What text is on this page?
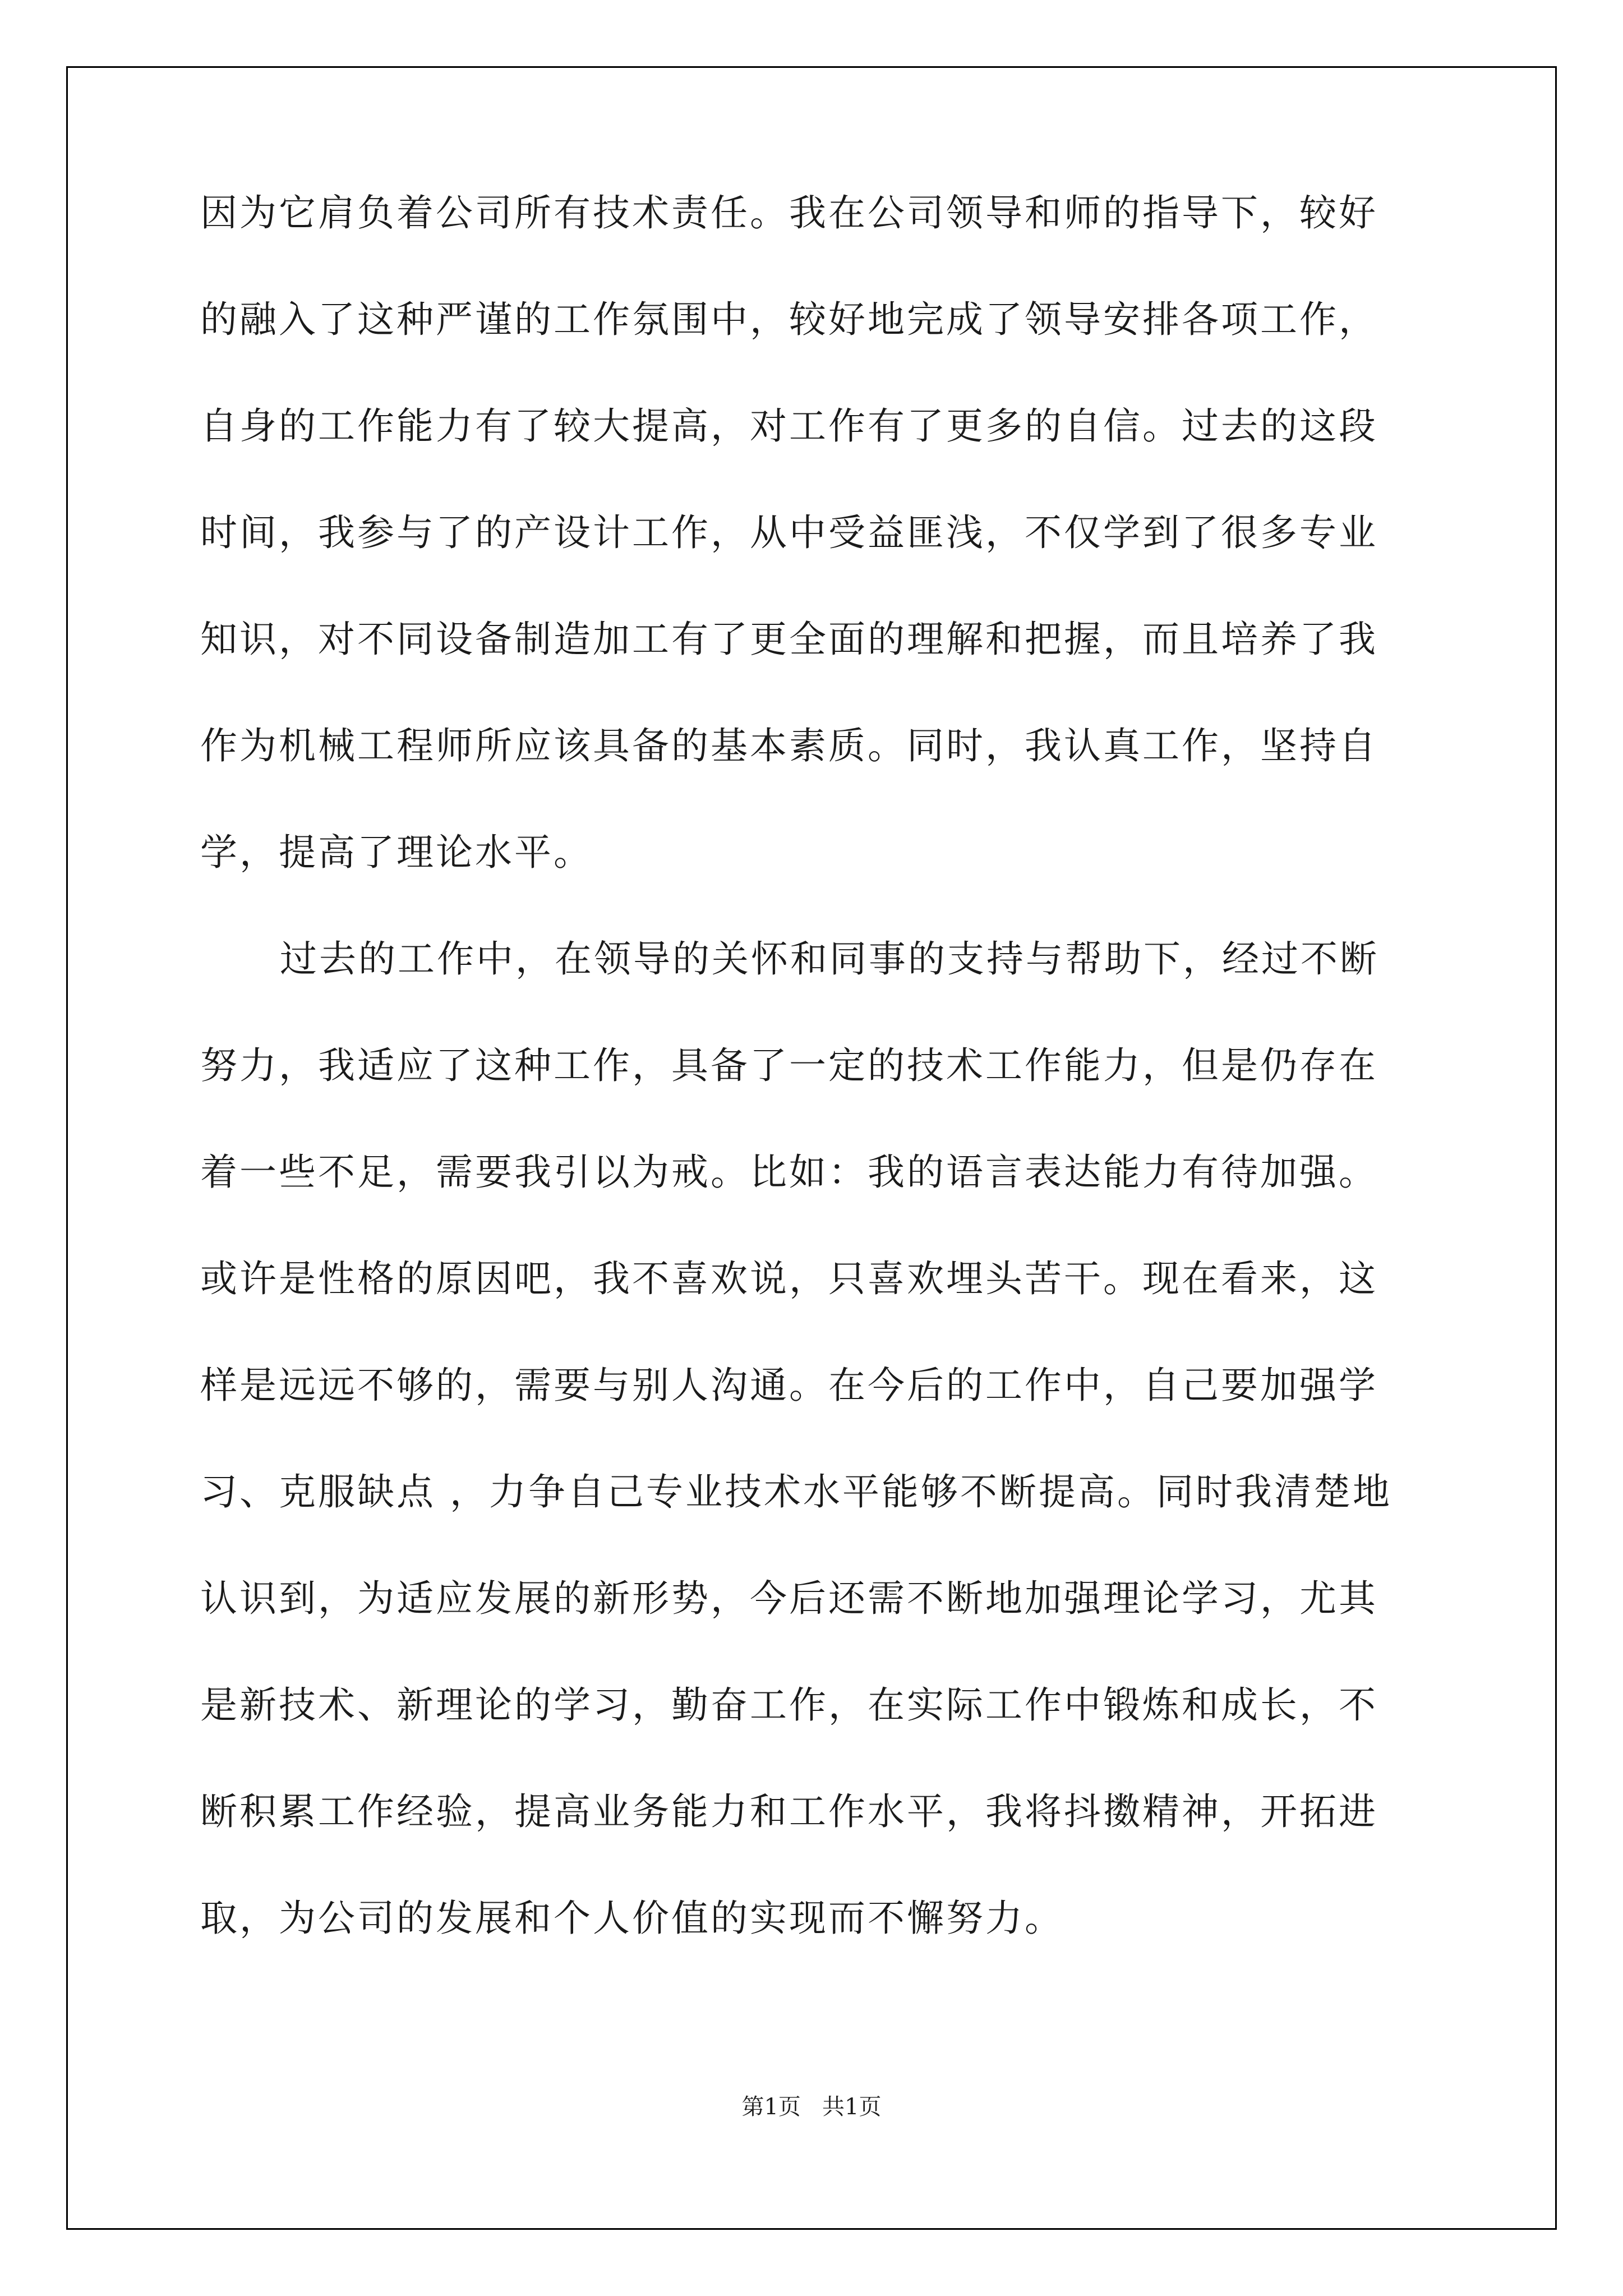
因为它肩负着公司所有技术责任。我在公司领导和师的指导下，较好
的融入了这种严谨的工作氛围中，较好地完成了领导安排各项工作，
自身的工作能力有了较大提高，对工作有了更多的自信。过去的这段
时间，我参与了的产设计工作，从中受益匪浅，不仅学到了很多专业
知识，对不同设备制造加工有了更全面的理解和把握，而且培养了我
作为机械工程师所应该具备的基本素质。同时，我认真工作，坚持自
学，提高了理论水平。
过去的工作中，在领导的关怀和同事的支持与帮助下，经过不断
努力，我适应了这种工作，具备了一定的技术工作能力，但是仍存在
着一些不足，需要我引以为戒。比如：我的语言表达能力有待加强。
或许是性格的原因吧，我不喜欢说，只喜欢埋头苦干。现在看来，这
样是远远不够的，需要与别人沟通。在今后的工作中，自己要加强学
习、克服缺点 ，力争自己专业技术水平能够不断提高。同时我清楚地
认识到，为适应发展的新形势，今后还需不断地加强理论学习，尤其
是新技术、新理论的学习，勤奋工作，在实际工作中锻炼和成长，不
断积累工作经验，提高业务能力和工作水平，我将抖擞精神，开拓进
取，为公司的发展和个人价值的实现而不懈努力。
第1页   共1页
